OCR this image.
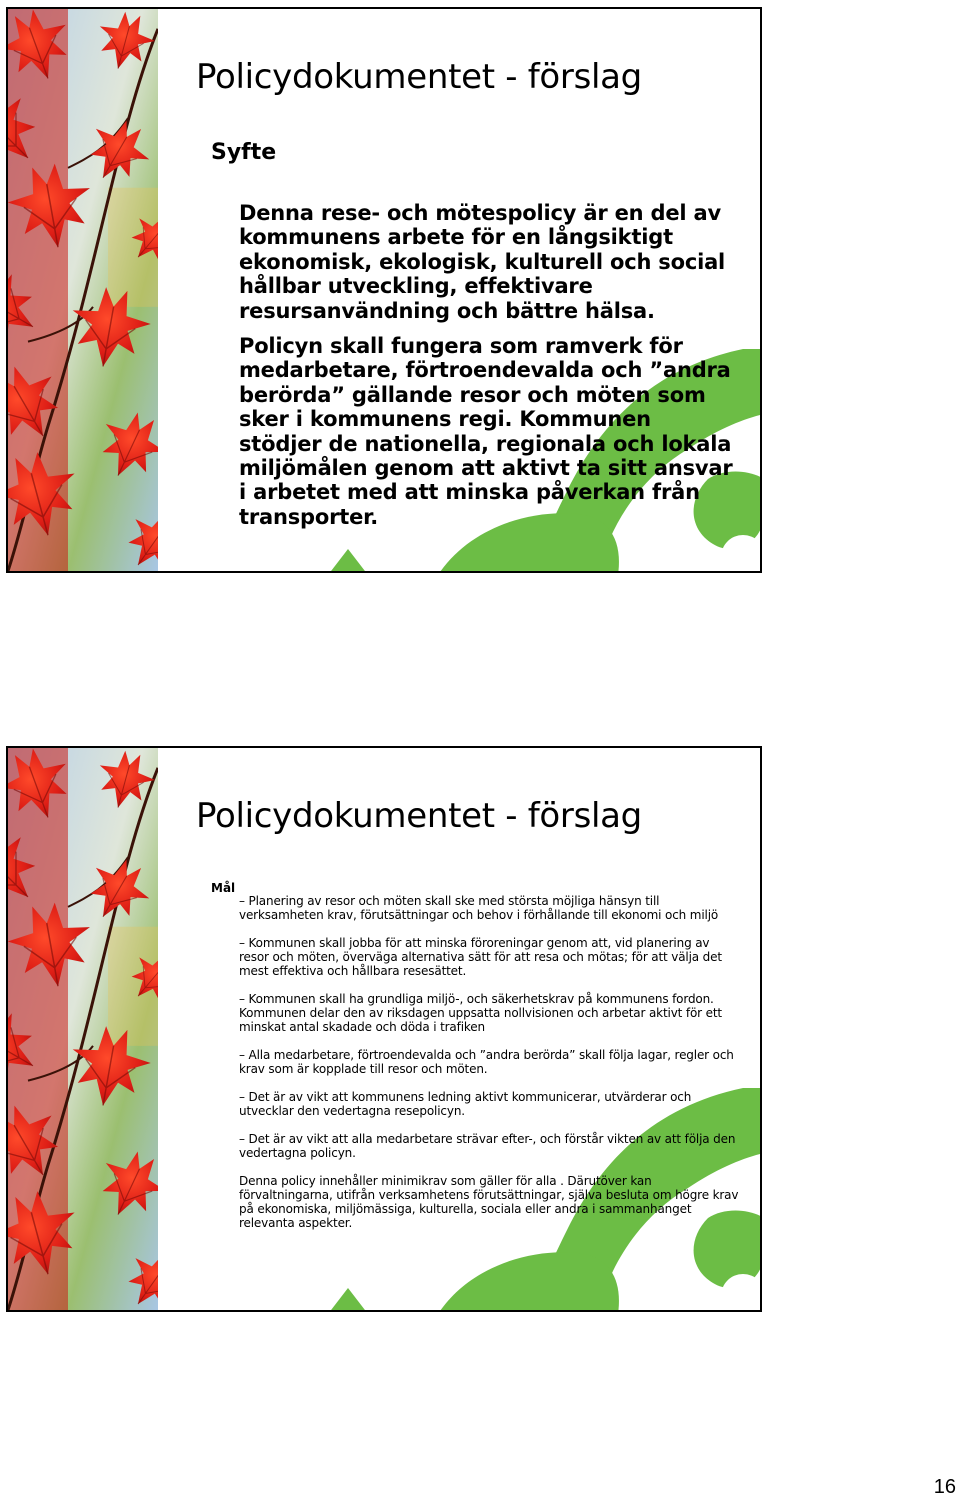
Policydokumentet - förslag
Syfte

Denna rese- och mötespolicy är en del av kommunens arbete för en långsiktigt ekonomisk, ekologisk, kulturell och social hållbar utveckling, effektivare resursanvändning och bättre hälsa.

Policyn skall fungera som ramverk för medarbetare, förtroendevalda och ”andra berörda” gällande resor och möten som sker i kommunens regi. Kommunen stödjer de nationella, regionala och lokala miljömålen genom att aktivt ta sitt ansvar i arbetet med att minska påverkan från transporter.

Policydokumentet - förslag
Mål

– Planering av resor och möten skall ske med största möjliga hänsyn till verksamheten krav, förutsättningar och behov i förhållande till ekonomi och miljö

– Kommunen skall jobba för att minska föroreningar genom att, vid planering av resor och möten, överväga alternativa sätt för att resa och mötas; för att välja det mest effektiva och hållbara resesättet.

– Kommunen skall ha grundliga miljö-, och säkerhetskrav på kommunens fordon. Kommunen delar den av riksdagen uppsatta nollvisionen och arbetar aktivt för ett minskat antal skadade och döda i trafiken

– Alla medarbetare, förtroendevalda och ”andra berörda” skall följa lagar, regler och krav som är kopplade till resor och möten.

– Det är av vikt att kommunens ledning aktivt kommunicerar, utvärderar och utvecklar den vedertagna resepolicyn.

– Det är av vikt att alla medarbetare strävar efter-, och förstår vikten av att följa den vedertagna policyn.

Denna policy innehåller minimikrav som gäller för alla . Därutöver kan förvaltningarna, utifrån verksamhetens förutsättningar, själva besluta om högre krav på ekonomiska, miljömässiga, kulturella, sociala eller andra i sammanhanget relevanta aspekter.

16
